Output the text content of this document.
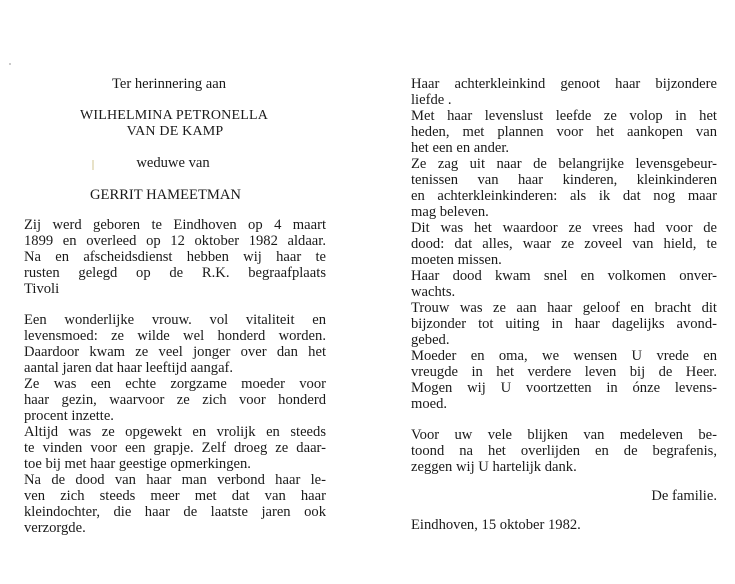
Ter herinnering aan
WILHELMINA PETRONELLA
VAN DE KAMP
weduwe van
GERRIT HAMEETMAN
Zij werd geboren te Eindhoven op 4 maart
1899 en overleed op 12 oktober 1982 aldaar.
Na en afscheidsdienst hebben wij haar te
rusten gelegd op de R.K. begraafplaats
Tivoli
Een wonderlijke vrouw. vol vitaliteit en
levensmoed: ze wilde wel honderd worden.
Daardoor kwam ze veel jonger over dan het
aantal jaren dat haar leeftijd aangaf.
Ze was een echte zorgzame moeder voor
haar gezin, waarvoor ze zich voor honderd
procent inzette.
Altijd was ze opgewekt en vrolijk en steeds
te vinden voor een grapje. Zelf droeg ze daar-
toe bij met haar geestige opmerkingen.
Na de dood van haar man verbond haar le-
ven zich steeds meer met dat van haar
kleindochter, die haar de laatste jaren ook
verzorgde.
Haar achterkleinkind genoot haar bijzondere
liefde .
Met haar levenslust leefde ze volop in het
heden, met plannen voor het aankopen van
het een en ander.
Ze zag uit naar de belangrijke levensgebeur-
tenissen van haar kinderen, kleinkinderen
en achterkleinkinderen: als ik dat nog maar
mag beleven.
Dit was het waardoor ze vrees had voor de
dood: dat alles, waar ze zoveel van hield, te
moeten missen.
Haar dood kwam snel en volkomen onver-
wachts.
Trouw was ze aan haar geloof en bracht dit
bijzonder tot uiting in haar dagelijks avond-
gebed.
Moeder en oma, we wensen U vrede en
vreugde in het verdere leven bij de Heer.
Mogen wij U voortzetten in ónze levens-
moed.
Voor uw vele blijken van medeleven be-
toond na het overlijden en de begrafenis,
zeggen wij U hartelijk dank.
De familie.
Eindhoven, 15 oktober 1982.
